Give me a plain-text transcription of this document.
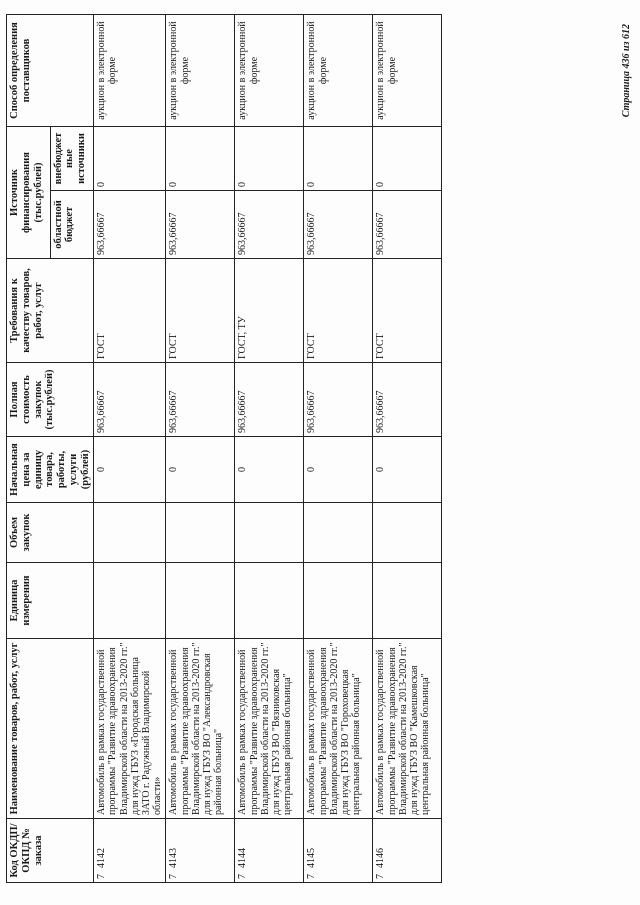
Код ОКДП/ ОКПД № заказа	Наименование товаров, работ, услуг	Единица измерения	Объем закупок	Начальная цена за единицу товара, работы, услуги (рублей)	Полная стоимость закупок (тыс.рублей)	Требования к качеству товаров, работ, услуг	Источник финансирования (тыс.рублей)		Способ определения поставщиков
							областной бюджет	внебюджетные источники	
74142	Автомобиль в рамках государственной программы "Развитие здравоохранения Владимирской области на 2013-2020 гг." для нужд ГБУЗ «Городская больница ЗАТО г. Радужный Владимирской области»			0	963,66667	ГОСТ	963,66667	0	аукцион в электронной форме
74143	Автомобиль в рамках государственной программы "Развитие здравоохранения Владимирской области на 2013-2020 гг." для нужд ГБУЗ ВО "Александровская районная больница"			0	963,66667	ГОСТ	963,66667	0	аукцион в электронной форме
74144	Автомобиль в рамках государственной программы "Развитие здравоохранения Владимирской области на 2013-2020 гг." для нужд ГБУЗ ВО "Вязниковская центральная районная больница"			0	963,66667	ГОСТ, ТУ	963,66667	0	аукцион в электронной форме
74145	Автомобиль в рамках государственной программы "Развитие здравоохранения Владимирской области на 2013-2020 гг." для нужд ГБУЗ ВО "Гороховецкая центральная районная больница"			0	963,66667	ГОСТ	963,66667	0	аукцион в электронной форме
74146	Автомобиль в рамках государственной программы "Развитие здравоохранения Владимирской области на 2013-2020 гг." для нужд ГБУЗ ВО "Камешковская центральная районная больница"			0	963,66667	ГОСТ	963,66667	0	аукцион в электронной форме	Страница 436 из 612
